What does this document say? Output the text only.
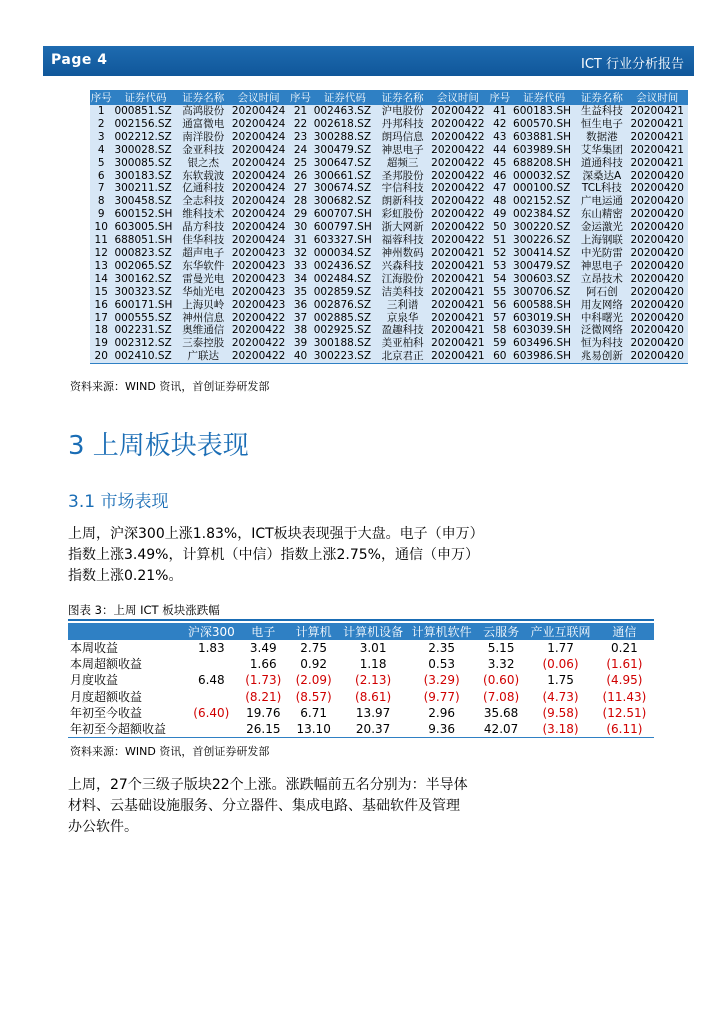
Page 4	ICT 行业分析报告
序号	证券代码	证券名称	会议时间	序号	证券代码	证券名称	会议时间	序号	证券代码	证券名称	会议时间
1	000851.SZ	高鸿股份	20200424	21	002463.SZ	沪电股份	20200422	41	600183.SH	生益科技	20200421
2	002156.SZ	通富微电	20200424	22	002618.SZ	丹邦科技	20200422	42	600570.SH	恒生电子	20200421
3	002212.SZ	南洋股份	20200424	23	300288.SZ	朗玛信息	20200422	43	603881.SH	数据港	20200421
4	300028.SZ	金亚科技	20200424	24	300479.SZ	神思电子	20200422	44	603989.SH	艾华集团	20200421
5	300085.SZ	银之杰	20200424	25	300647.SZ	超频三	20200422	45	688208.SH	道通科技	20200421
6	300183.SZ	东软载波	20200424	26	300661.SZ	圣邦股份	20200422	46	000032.SZ	深桑达A	20200420
7	300211.SZ	亿通科技	20200424	27	300674.SZ	宇信科技	20200422	47	000100.SZ	TCL科技	20200420
8	300458.SZ	全志科技	20200424	28	300682.SZ	朗新科技	20200422	48	002152.SZ	广电运通	20200420
9	600152.SH	维科技术	20200424	29	600707.SH	彩虹股份	20200422	49	002384.SZ	东山精密	20200420
10	603005.SH	晶方科技	20200424	30	600797.SH	浙大网新	20200422	50	300220.SZ	金运激光	20200420
11	688051.SH	佳华科技	20200424	31	603327.SH	福蓉科技	20200422	51	300226.SZ	上海钢联	20200420
12	000823.SZ	超声电子	20200423	32	000034.SZ	神州数码	20200421	52	300414.SZ	中光防雷	20200420
13	002065.SZ	东华软件	20200423	33	002436.SZ	兴森科技	20200421	53	300479.SZ	神思电子	20200420
14	300162.SZ	雷曼光电	20200423	34	002484.SZ	江海股份	20200421	54	300603.SZ	立昂技术	20200420
15	300323.SZ	华灿光电	20200423	35	002859.SZ	洁美科技	20200421	55	300706.SZ	阿石创	20200420
16	600171.SH	上海贝岭	20200423	36	002876.SZ	三利谱	20200421	56	600588.SH	用友网络	20200420
17	000555.SZ	神州信息	20200422	37	002885.SZ	京泉华	20200421	57	603019.SH	中科曙光	20200420
18	002231.SZ	奥维通信	20200422	38	002925.SZ	盈趣科技	20200421	58	603039.SH	泛微网络	20200420
19	002312.SZ	三泰控股	20200422	39	300188.SZ	美亚柏科	20200421	59	603496.SH	恒为科技	20200420
20	002410.SZ	广联达	20200422	40	300223.SZ	北京君正	20200421	60	603986.SH	兆易创新	20200420
资料来源：WIND 资讯，首创证券研发部
3 上周板块表现
3.1 市场表现
上周，沪深300上涨1.83%，ICT板块表现强于大盘。电子（申万）
指数上涨3.49%，计算机（中信）指数上涨2.75%，通信（申万）
指数上涨0.21%。
图表 3：上周 ICT 板块涨跌幅
	沪深300	电子	计算机	计算机设备	计算机软件	云服务	产业互联网	通信
本周收益	1.83	3.49	2.75	3.01	2.35	5.15	1.77	0.21
本周超额收益		1.66	0.92	1.18	0.53	3.32	(0.06)	(1.61)
月度收益	6.48	(1.73)	(2.09)	(2.13)	(3.29)	(0.60)	1.75	(4.95)
月度超额收益		(8.21)	(8.57)	(8.61)	(9.77)	(7.08)	(4.73)	(11.43)
年初至今收益	(6.40)	19.76	6.71	13.97	2.96	35.68	(9.58)	(12.51)
年初至今超额收益		26.15	13.10	20.37	9.36	42.07	(3.18)	(6.11)
资料来源：WIND 资讯，首创证券研发部
上周，27个三级子版块22个上涨。涨跌幅前五名分别为：半导体
材料、云基础设施服务、分立器件、集成电路、基础软件及管理
办公软件。
